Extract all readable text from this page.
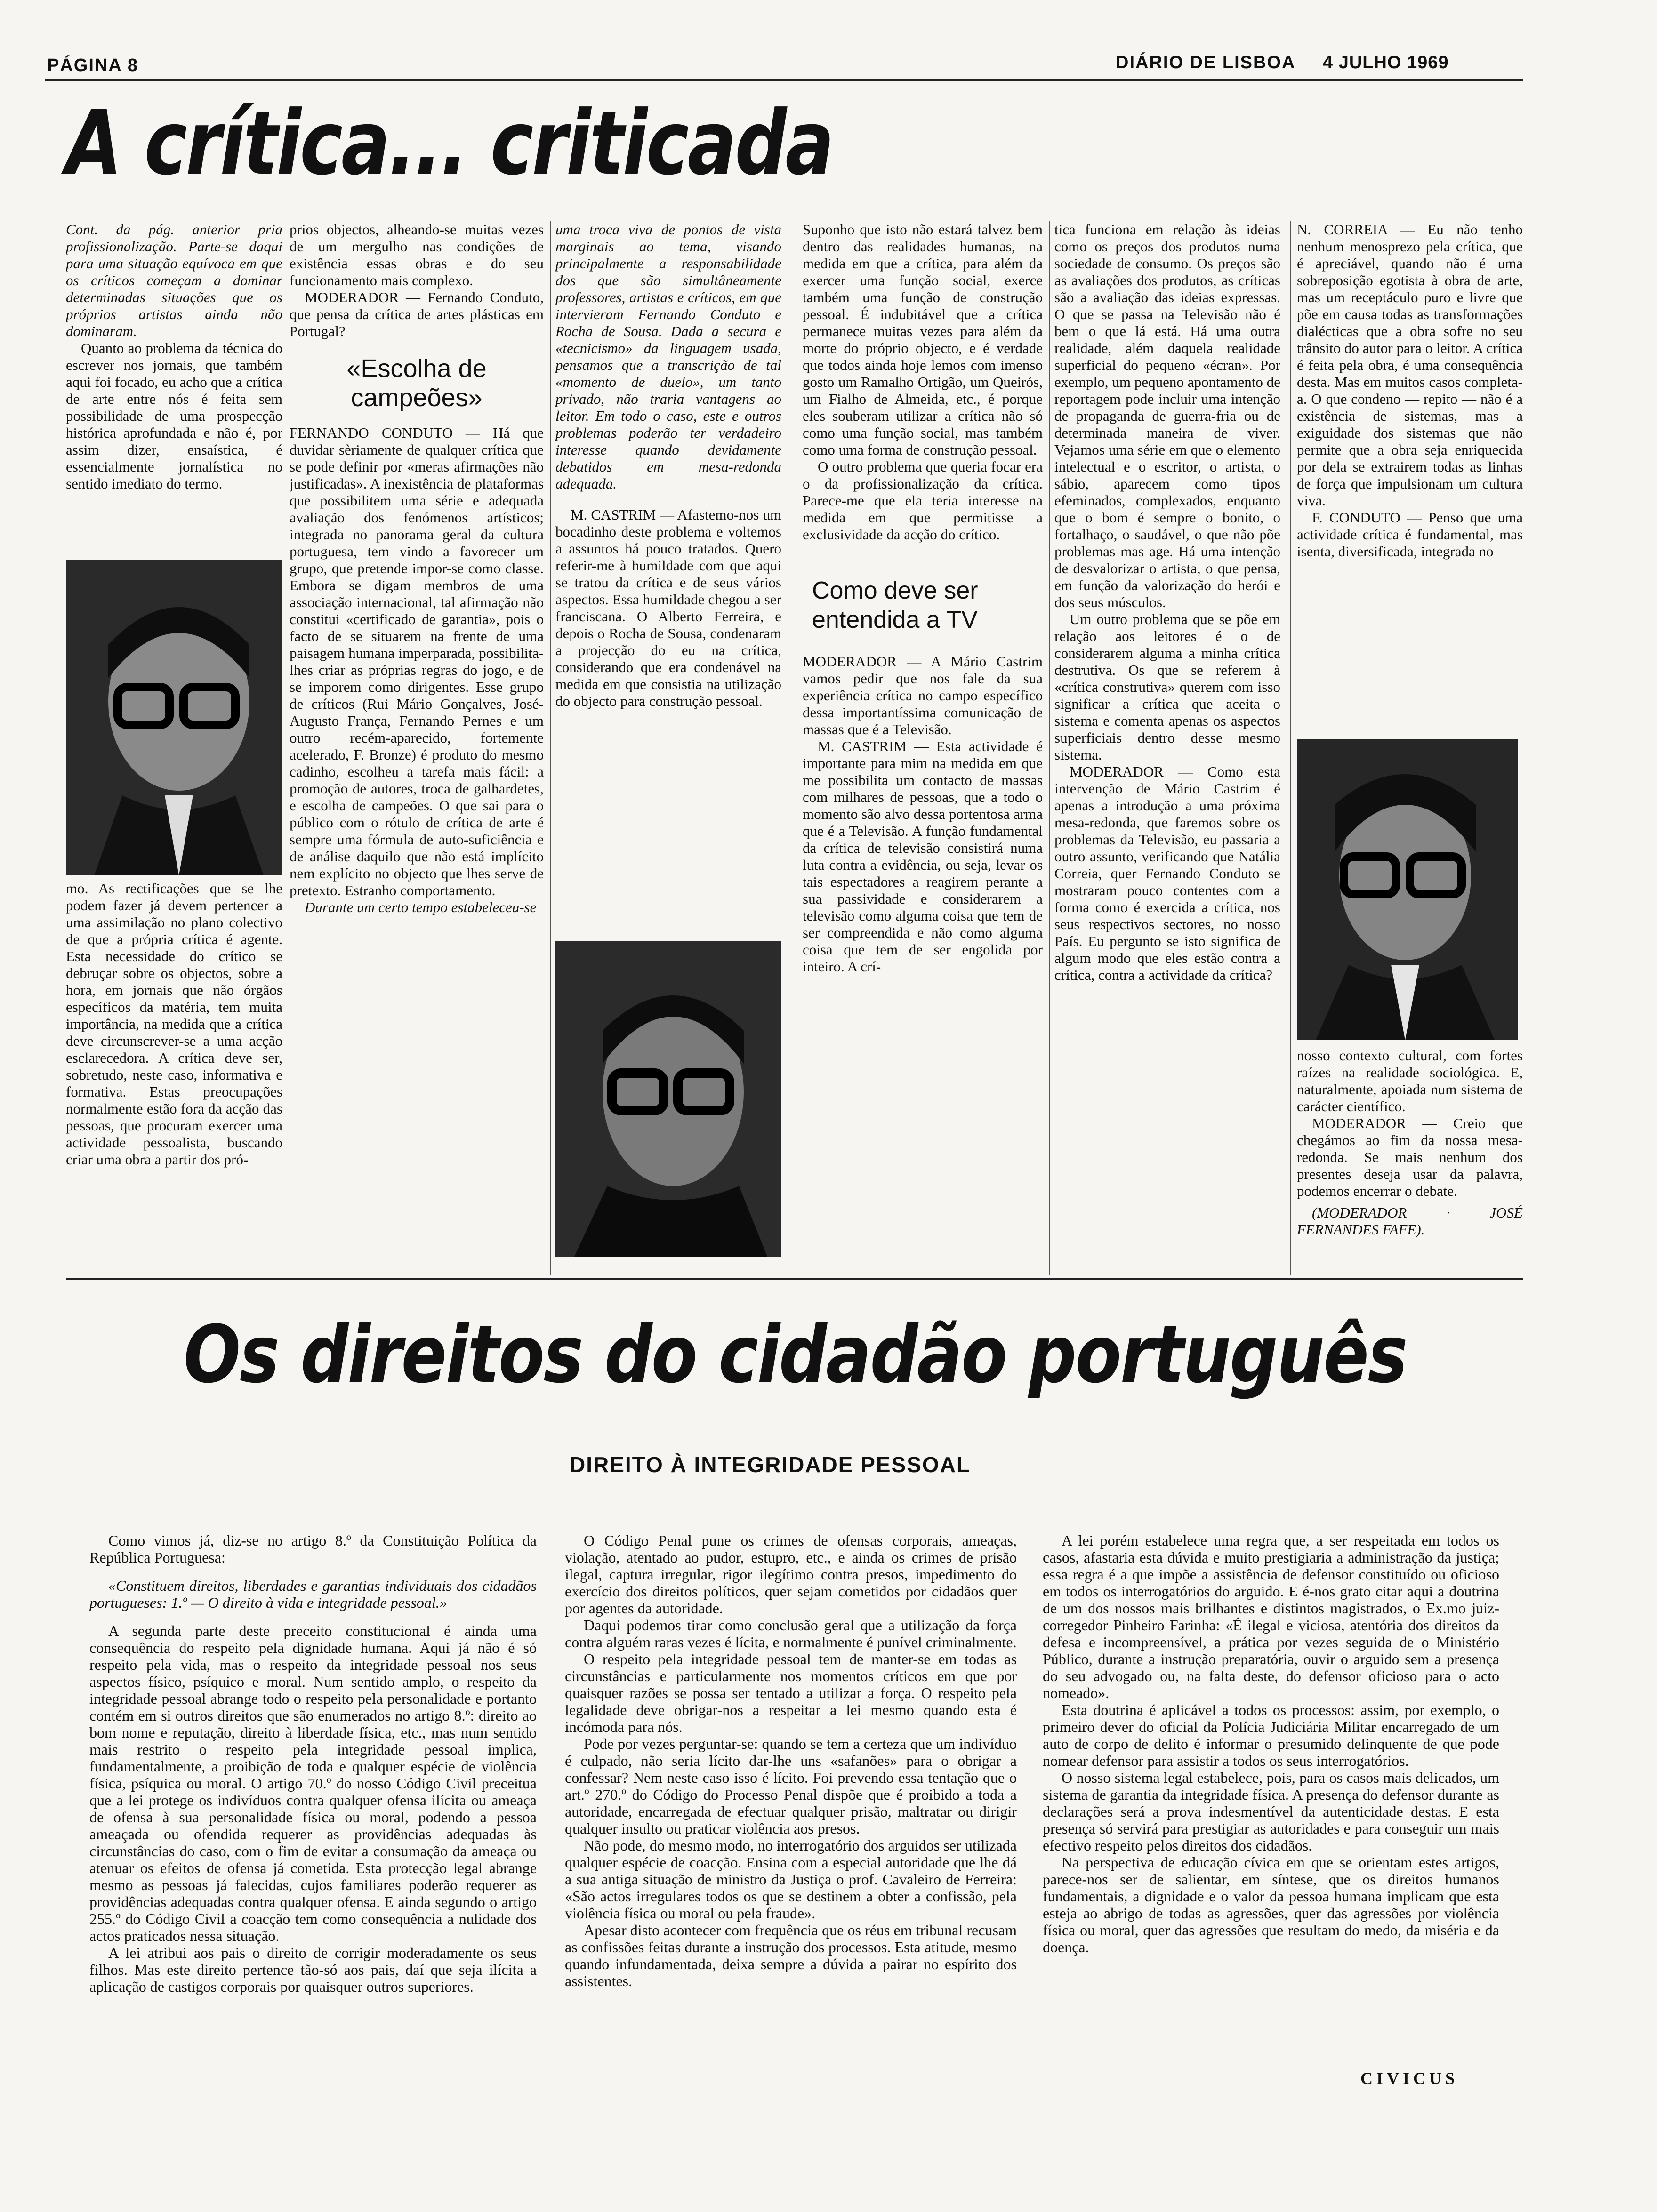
PÁGINA 8	DIÁRIO DE LISBOA 4 JULHO 1969
A crítica... criticada

Cont. da pág. anterior pria profissionalização. Parte-se daqui para uma situação equívoca em que os críticos começam a dominar determinadas situações que os próprios artistas ainda não dominaram.

Quanto ao problema da técnica do escrever nos jornais, que também aqui foi focado, eu acho que a crítica de arte entre nós é feita sem possibilidade de uma prospecção histórica aprofundada e não é, por assim dizer, ensaística, é essencialmente jornalística no sentido imediato do termo.

mo. As rectificações que se lhe podem fazer já devem pertencer a uma assimilação no plano colectivo de que a própria crítica é agente. Esta necessidade do crítico se debruçar sobre os objectos, sobre a hora, em jornais que não órgãos específicos da matéria, tem muita importância, na medida que a crítica deve circunscrever-se a uma acção esclarecedora. A crítica deve ser, sobretudo, neste caso, informativa e formativa. Estas preocupações normalmente estão fora da acção das pessoas, que procuram exercer uma actividade pessoalista, buscando criar uma obra a partir dos pró-

prios objectos, alheando-se muitas vezes de um mergulho nas condições de existência essas obras e do seu funcionamento mais complexo.

MODERADOR — Fernando Conduto, que pensa da crítica de artes plásticas em Portugal?

«Escolha de campeões»

FERNANDO CONDUTO — Há que duvidar sèriamente de qualquer crítica que se pode definir por «meras afirmações não justificadas». A inexistência de plataformas que possibilitem uma série e adequada avaliação dos fenómenos artísticos; integrada no panorama geral da cultura portuguesa, tem vindo a favorecer um grupo, que pretende impor-se como classe. Embora se digam membros de uma associação internacional, tal afirmação não constitui «certificado de garantia», pois o facto de se situarem na frente de uma paisagem humana imperparada, possibilita-lhes criar as próprias regras do jogo, e de se imporem como dirigentes. Esse grupo de críticos (Rui Mário Gonçalves, José-Augusto França, Fernando Pernes e um outro recém-aparecido, fortemente acelerado, F. Bronze) é produto do mesmo cadinho, escolheu a tarefa mais fácil: a promoção de autores, troca de galhardetes, e escolha de campeões. O que sai para o público com o rótulo de crítica de arte é sempre uma fórmula de auto-suficiência e de análise daquilo que não está implícito nem explícito no objecto que lhes serve de pretexto. Estranho comportamento.

Durante um certo tempo estabeleceu-se

uma troca viva de pontos de vista marginais ao tema, visando principalmente a responsabilidade dos que são simultâneamente professores, artistas e críticos, em que intervieram Fernando Conduto e Rocha de Sousa. Dada a secura e «tecnicismo» da linguagem usada, pensamos que a transcrição de tal «momento de duelo», um tanto privado, não traria vantagens ao leitor. Em todo o caso, este e outros problemas poderão ter verdadeiro interesse quando devidamente debatidos em mesa-redonda adequada.

M. CASTRIM — Afastemo-nos um bocadinho deste problema e voltemos a assuntos há pouco tratados. Quero referir-me à humildade com que aqui se tratou da crítica e de seus vários aspectos. Essa humildade chegou a ser franciscana. O Alberto Ferreira, e depois o Rocha de Sousa, condenaram a projecção do eu na crítica, considerando que era condenável na medida em que consistia na utilização do objecto para construção pessoal.

Suponho que isto não estará talvez bem dentro das realidades humanas, na medida em que a crítica, para além da exercer uma função social, exerce também uma função de construção pessoal. É indubitável que a crítica permanece muitas vezes para além da morte do próprio objecto, e é verdade que todos ainda hoje lemos com imenso gosto um Ramalho Ortigão, um Queirós, um Fialho de Almeida, etc., é porque eles souberam utilizar a crítica não só como uma função social, mas também como uma forma de construção pessoal.

O outro problema que queria focar era o da profissionalização da crítica. Parece-me que ela teria interesse na medida em que permitisse a exclusividade da acção do crítico.

Como deve ser entendida a TV

MODERADOR — A Mário Castrim vamos pedir que nos fale da sua experiência crítica no campo específico dessa importantíssima comunicação de massas que é a Televisão.

M. CASTRIM — Esta actividade é importante para mim na medida em que me possibilita um contacto de massas com milhares de pessoas, que a todo o momento são alvo dessa portentosa arma que é a Televisão. A função fundamental da crítica de televisão consistirá numa luta contra a evidência, ou seja, levar os tais espectadores a reagirem perante a sua passividade e considerarem a televisão como alguma coisa que tem de ser compreendida e não como alguma coisa que tem de ser engolida por inteiro. A crí-

tica funciona em relação às ideias como os preços dos produtos numa sociedade de consumo. Os preços são as avaliações dos produtos, as críticas são a avaliação das ideias expressas. O que se passa na Televisão não é bem o que lá está. Há uma outra realidade, além daquela realidade superficial do pequeno «écran». Por exemplo, um pequeno apontamento de reportagem pode incluir uma intenção de propaganda de guerra-fria ou de determinada maneira de viver. Vejamos uma série em que o elemento intelectual e o escritor, o artista, o sábio, aparecem como tipos efeminados, complexados, enquanto que o bom é sempre o bonito, o fortalhaço, o saudável, o que não põe problemas mas age. Há uma intenção de desvalorizar o artista, o que pensa, em função da valorização do herói e dos seus músculos.

Um outro problema que se põe em relação aos leitores é o de considerarem alguma a minha crítica destrutiva. Os que se referem à «crítica construtiva» querem com isso significar a crítica que aceita o sistema e comenta apenas os aspectos superficiais dentro desse mesmo sistema.

MODERADOR — Como esta intervenção de Mário Castrim é apenas a introdução a uma próxima mesa-redonda, que faremos sobre os problemas da Televisão, eu passaria a outro assunto, verificando que Natália Correia, quer Fernando Conduto se mostraram pouco contentes com a forma como é exercida a crítica, nos seus respectivos sectores, no nosso País. Eu pergunto se isto significa de algum modo que eles estão contra a crítica, contra a actividade da crítica?

N. CORREIA — Eu não tenho nenhum menosprezo pela crítica, que é apreciável, quando não é uma sobreposição egotista à obra de arte, mas um receptáculo puro e livre que põe em causa todas as transformações dialécticas que a obra sofre no seu trânsito do autor para o leitor. A crítica é feita pela obra, é uma consequência desta. Mas em muitos casos completa-a. O que condeno — repito — não é a existência de sistemas, mas a exiguidade dos sistemas que não permite que a obra seja enriquecida por dela se extrairem todas as linhas de força que impulsionam um cultura viva.

F. CONDUTO — Penso que uma actividade crítica é fundamental, mas isenta, diversificada, integrada no

nosso contexto cultural, com fortes raízes na realidade sociológica. E, naturalmente, apoiada num sistema de carácter científico.

MODERADOR — Creio que chegámos ao fim da nossa mesa-redonda. Se mais nenhum dos presentes deseja usar da palavra, podemos encerrar o debate.

(MODERADOR · JOSÉ FERNANDES FAFE).

Os direitos do cidadão português
DIREITO À INTEGRIDADE PESSOAL

Como vimos já, diz-se no artigo 8.º da Constituição Política da República Portuguesa:

«Constituem direitos, liberdades e garantias individuais dos cidadãos portugueses: 1.º — O direito à vida e integridade pessoal.»

A segunda parte deste preceito constitucional é ainda uma consequência do respeito pela dignidade humana. Aqui já não é só respeito pela vida, mas o respeito da integridade pessoal nos seus aspectos físico, psíquico e moral. Num sentido amplo, o respeito da integridade pessoal abrange todo o respeito pela personalidade e portanto contém em si outros direitos que são enumerados no artigo 8.º: direito ao bom nome e reputação, direito à liberdade física, etc., mas num sentido mais restrito o respeito pela integridade pessoal implica, fundamentalmente, a proibição de toda e qualquer espécie de violência física, psíquica ou moral. O artigo 70.º do nosso Código Civil preceitua que a lei protege os indivíduos contra qualquer ofensa ilícita ou ameaça de ofensa à sua personalidade física ou moral, podendo a pessoa ameaçada ou ofendida requerer as providências adequadas às circunstâncias do caso, com o fim de evitar a consumação da ameaça ou atenuar os efeitos de ofensa já cometida. Esta protecção legal abrange mesmo as pessoas já falecidas, cujos familiares poderão requerer as providências adequadas contra qualquer ofensa. E ainda segundo o artigo 255.º do Código Civil a coacção tem como consequência a nulidade dos actos praticados nessa situação.

A lei atribui aos pais o direito de corrigir moderadamente os seus filhos. Mas este direito pertence tão-só aos pais, daí que seja ilícita a aplicação de castigos corporais por quaisquer outros superiores.

O Código Penal pune os crimes de ofensas corporais, ameaças, violação, atentado ao pudor, estupro, etc., e ainda os crimes de prisão ilegal, captura irregular, rigor ilegítimo contra presos, impedimento do exercício dos direitos políticos, quer sejam cometidos por cidadãos quer por agentes da autoridade.

Daqui podemos tirar como conclusão geral que a utilização da força contra alguém raras vezes é lícita, e normalmente é punível criminalmente.

O respeito pela integridade pessoal tem de manter-se em todas as circunstâncias e particularmente nos momentos críticos em que por quaisquer razões se possa ser tentado a utilizar a força. O respeito pela legalidade deve obrigar-nos a respeitar a lei mesmo quando esta é incómoda para nós.

Pode por vezes perguntar-se: quando se tem a certeza que um indivíduo é culpado, não seria lícito dar-lhe uns «safanões» para o obrigar a confessar? Nem neste caso isso é lícito. Foi prevendo essa tentação que o art.º 270.º do Código do Processo Penal dispõe que é proibido a toda a autoridade, encarregada de efectuar qualquer prisão, maltratar ou dirigir qualquer insulto ou praticar violência aos presos.

Não pode, do mesmo modo, no interrogatório dos arguidos ser utilizada qualquer espécie de coacção. Ensina com a especial autoridade que lhe dá a sua antiga situação de ministro da Justiça o prof. Cavaleiro de Ferreira: «São actos irregulares todos os que se destinem a obter a confissão, pela violência física ou moral ou pela fraude».

Apesar disto acontecer com frequência que os réus em tribunal recusam as confissões feitas durante a instrução dos processos. Esta atitude, mesmo quando infundamentada, deixa sempre a dúvida a pairar no espírito dos assistentes.

A lei porém estabelece uma regra que, a ser respeitada em todos os casos, afastaria esta dúvida e muito prestigiaria a administração da justiça; essa regra é a que impõe a assistência de defensor constituído ou oficioso em todos os interrogatórios do arguido. E é-nos grato citar aqui a doutrina de um dos nossos mais brilhantes e distintos magistrados, o Ex.mo juiz-corregedor Pinheiro Farinha: «É ilegal e viciosa, atentória dos direitos da defesa e incompreensível, a prática por vezes seguida de o Ministério Público, durante a instrução preparatória, ouvir o arguido sem a presença do seu advogado ou, na falta deste, do defensor oficioso para o acto nomeado».

Esta doutrina é aplicável a todos os processos: assim, por exemplo, o primeiro dever do oficial da Polícia Judiciária Militar encarregado de um auto de corpo de delito é informar o presumido delinquente de que pode nomear defensor para assistir a todos os seus interrogatórios.

O nosso sistema legal estabelece, pois, para os casos mais delicados, um sistema de garantia da integridade física. A presença do defensor durante as declarações será a prova indesmentível da autenticidade destas. E esta presença só servirá para prestigiar as autoridades e para conseguir um mais efectivo respeito pelos direitos dos cidadãos.

Na perspectiva de educação cívica em que se orientam estes artigos, parece-nos ser de salientar, em síntese, que os direitos humanos fundamentais, a dignidade e o valor da pessoa humana implicam que esta esteja ao abrigo de todas as agressões, quer das agressões por violência física ou moral, quer das agressões que resultam do medo, da miséria e da doença.

CIVICUS
